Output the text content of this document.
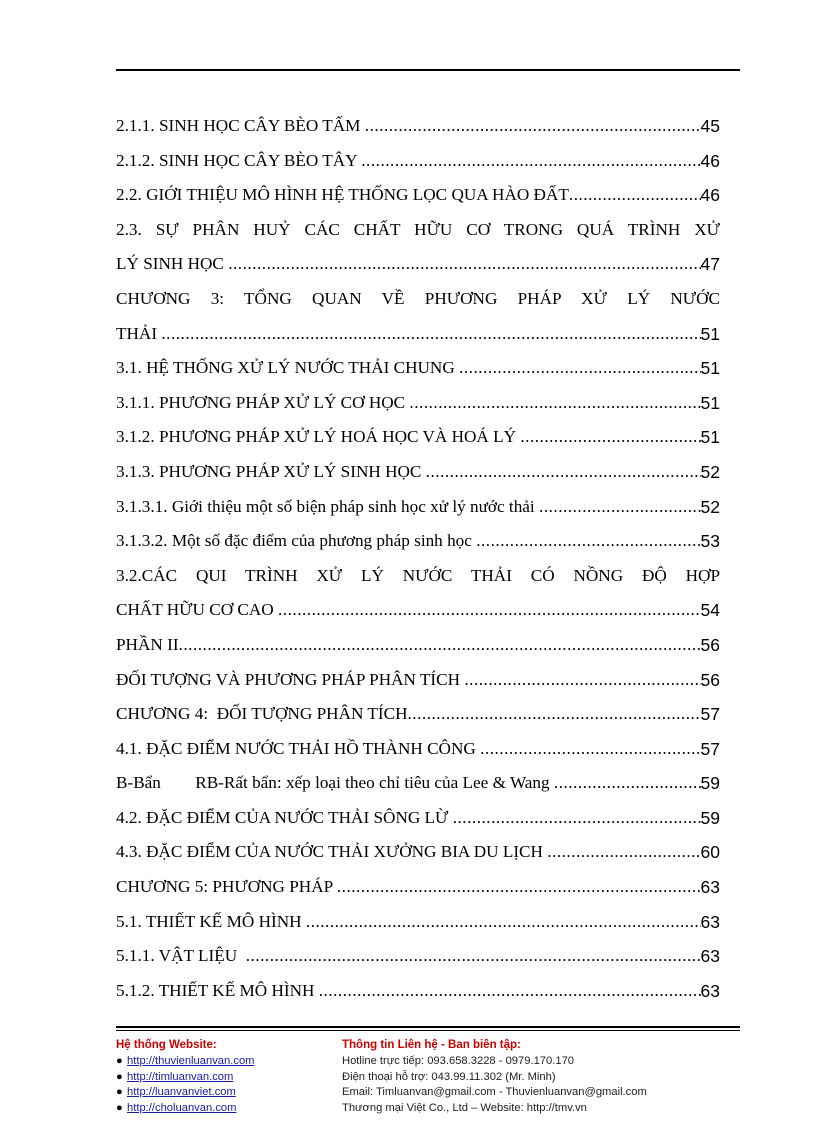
2.1.1. SINH HỌC CÂY BÈO TẤM .....	45
2.1.2. SINH HỌC CÂY BÈO TÂY .....	46
2.2. GIỚI THIỆU MÔ HÌNH HỆ THỐNG LỌC QUA HÀO ĐẤT .....	46
2.3. SỰ PHÂN HUỶ CÁC CHẤT HỮU CƠ TRONG QUÁ TRÌNH XỬ
LÝ SINH HỌC .....	47
CHƯƠNG 3: TỔNG QUAN VỀ PHƯƠNG PHÁP XỬ LÝ NƯỚC
THẢI .....	51
3.1. HỆ THỐNG XỬ LÝ NƯỚC THẢI CHUNG .....	51
3.1.1. PHƯƠNG PHÁP XỬ LÝ CƠ HỌC .....	51
3.1.2. PHƯƠNG PHÁP XỬ LÝ HOÁ HỌC VÀ HOÁ LÝ .....	51
3.1.3. PHƯƠNG PHÁP XỬ LÝ SINH HỌC .....	52
3.1.3.1. Giới thiệu một số biện pháp sinh học xử lý nước thải .....	52
3.1.3.2. Một số đặc điểm của phương pháp sinh học .....	53
3.2.CÁC QUI TRÌNH XỬ LÝ NƯỚC THẢI CÓ NỒNG ĐỘ HỢP
CHẤT HỮU CƠ CAO .....	54
PHẦN II .....	56
ĐỐI TƯỢNG VÀ PHƯƠNG PHÁP PHÂN TÍCH .....	56
CHƯƠNG 4:  ĐỐI TƯỢNG PHÂN TÍCH .....	57
4.1. ĐẶC ĐIỂM NƯỚC THẢI HỒ THÀNH CÔNG .....	57
B-Bẩn        RB-Rất bẩn: xếp loại theo chỉ tiêu của Lee & Wang .....	59
4.2. ĐẶC ĐIỂM CỦA NƯỚC THẢI SÔNG LỪ .....	59
4.3. ĐẶC ĐIỂM CỦA NƯỚC THẢI XƯỞNG BIA DU LỊCH .....	60
CHƯƠNG 5: PHƯƠNG PHÁP .....	63
5.1. THIẾT KẾ MÔ HÌNH .....	63
5.1.1. VẬT LIỆU .....	63
5.1.2. THIẾT KẾ MÔ HÌNH .....	63
Hệ thống Website:
● http://thuvienluanvan.com
● http://timluanvan.com
● http://luanvanviet.com
● http://choluanvan.com
Thông tin Liên hệ - Ban biên tập:
Hotline trực tiếp: 093.658.3228 - 0979.170.170
Điện thoại hỗ trợ: 043.99.11.302 (Mr. Minh)
Email: Timluanvan@gmail.com - Thuvienluanvan@gmail.com
Thương mại Việt Co., Ltd – Website: http://tmv.vn
